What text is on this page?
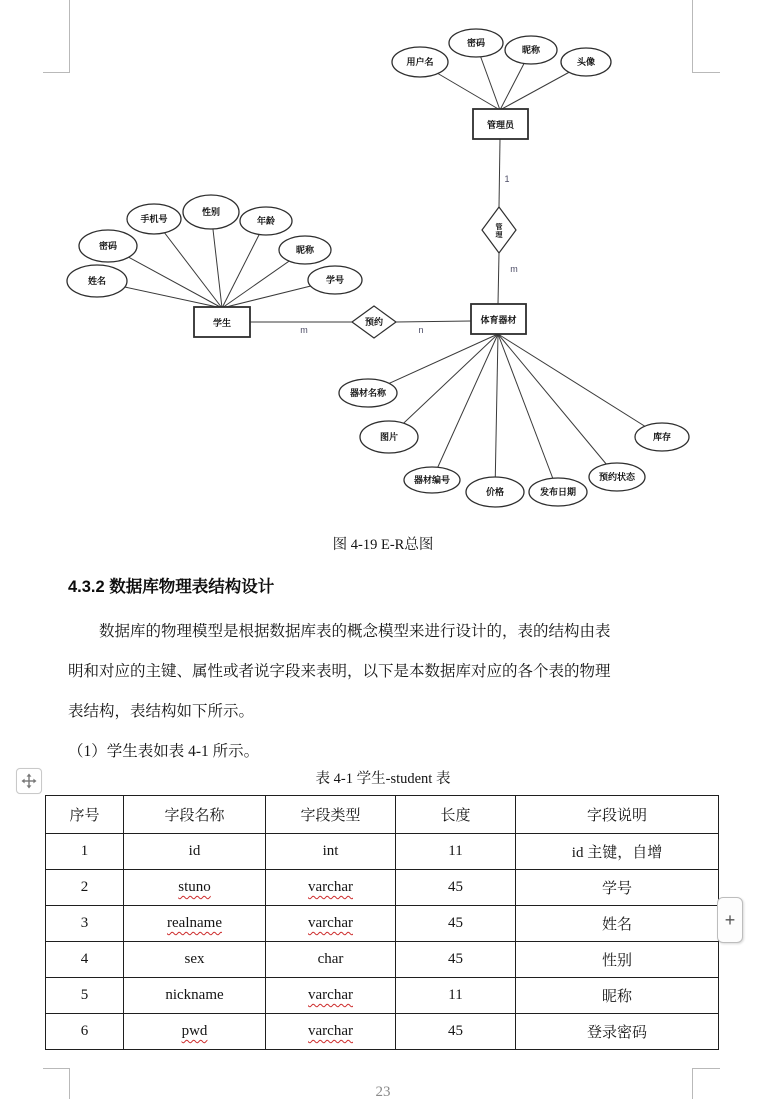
用户名
密码
昵称
头像
姓名
密码
手机号
性别
年龄
昵称
学号
器材名称
图片
器材编号
价格	发布日期
预约状态
库存
管理员
学生	体育器材
管
理
预约
1
m
m	n
图 4-19 E-R总图
4.3.2 数据库物理表结构设计
数据库的物理模型是根据数据库表的概念模型来进行设计的，表的结构由表
明和对应的主键、属性或者说字段来表明，以下是本数据库对应的各个表的物理
表结构，表结构如下所示。
（1）学生表如表 4-1 所示。
表 4-1 学生-student 表
序号	字段名称	字段类型	长度	字段说明
1	id	int	11	id 主键，自增
2	stuno	varchar	45	学号
3	realname	varchar	45	姓名
4	sex	char	45	性别
5	nickname	varchar	11	昵称
6	pwd	varchar	45	登录密码
+
23
